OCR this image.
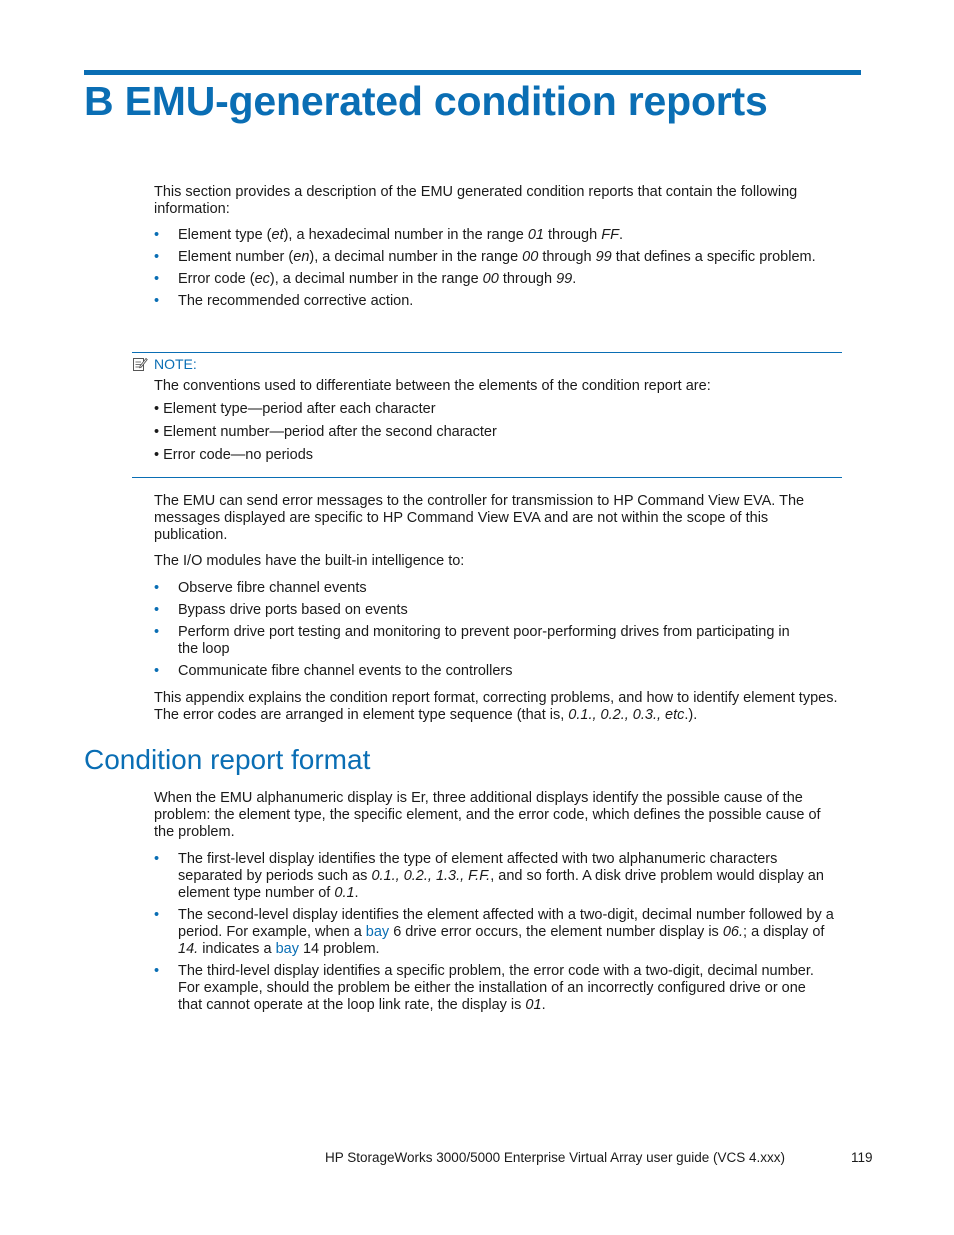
B EMU-generated condition reports

This section provides a description of the EMU generated condition reports that contain the following information:

• Element type (et), a hexadecimal number in the range 01 through FF.
• Element number (en), a decimal number in the range 00 through 99 that defines a specific problem.
• Error code (ec), a decimal number in the range 00 through 99.
• The recommended corrective action.
NOTE:

The conventions used to differentiate between the elements of the condition report are:

• Element type—period after each character

• Element number—period after the second character

• Error code—no periods

The EMU can send error messages to the controller for transmission to HP Command View EVA. The messages displayed are specific to HP Command View EVA and are not within the scope of this publication.

The I/O modules have the built-in intelligence to:

• Observe fibre channel events
• Bypass drive ports based on events
• Perform drive port testing and monitoring to prevent poor-performing drives from participating in the loop
• Communicate fibre channel events to the controllers

This appendix explains the condition report format, correcting problems, and how to identify element types. The error codes are arranged in element type sequence (that is, 0.1., 0.2., 0.3., etc.).

Condition report format

When the EMU alphanumeric display is Er, three additional displays identify the possible cause of the problem: the element type, the specific element, and the error code, which defines the possible cause of the problem.

• The first-level display identifies the type of element affected with two alphanumeric characters separated by periods such as 0.1., 0.2., 1.3., F.F., and so forth. A disk drive problem would display an element type number of 0.1.
• The second-level display identifies the element affected with a two-digit, decimal number followed by a period. For example, when a bay 6 drive error occurs, the element number display is 06.; a display of 14. indicates a bay 14 problem.
• The third-level display identifies a specific problem, the error code with a two-digit, decimal number. For example, should the problem be either the installation of an incorrectly configured drive or one that cannot operate at the loop link rate, the display is 01.
HP StorageWorks 3000/5000 Enterprise Virtual Array user guide (VCS 4.xxx)	119
